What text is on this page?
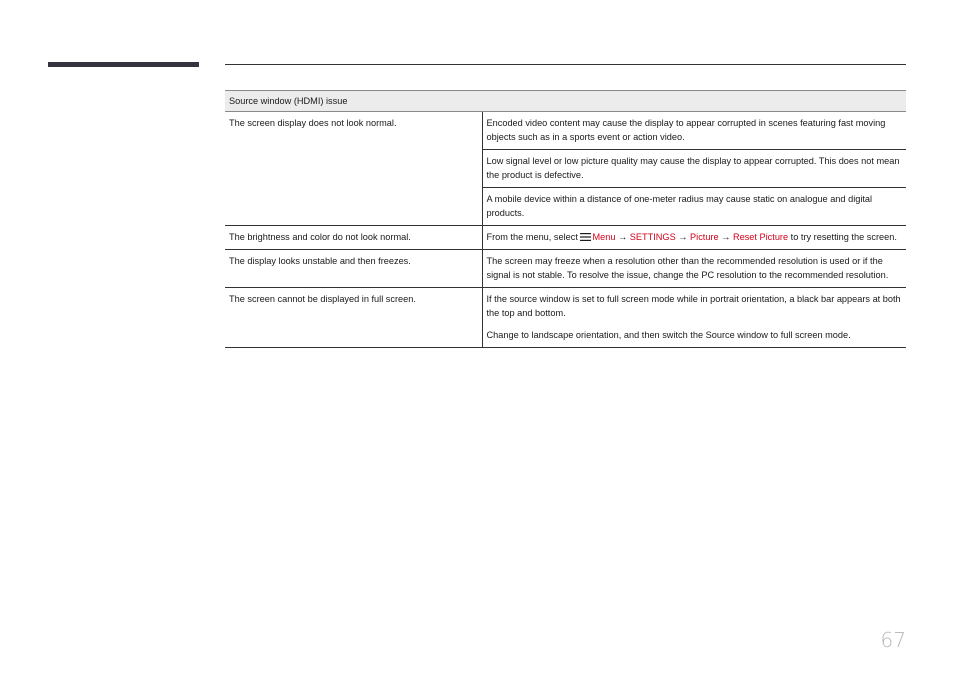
Source window (HDMI) issue	
The screen display does not look normal.	Encoded video content may cause the display to appear corrupted in scenes featuring fast moving objects such as in a sports event or action video.
Low signal level or low picture quality may cause the display to appear corrupted. This does not mean the product is defective.
A mobile device within a distance of one-meter radius may cause static on analogue and digital products.

The brightness and color do not look normal.	From the menu, select Menu → SETTINGS → Picture → Reset Picture to try resetting the screen.
The display looks unstable and then freezes.	The screen may freeze when a resolution other than the recommended resolution is used or if the signal is not stable. To resolve the issue, change the PC resolution to the recommended resolution.

The screen cannot be displayed in full screen.	If the source window is set to full screen mode while in portrait orientation, a black bar appears at both the top and bottom.
Change to landscape orientation, and then switch the Source window to full screen mode.
67
